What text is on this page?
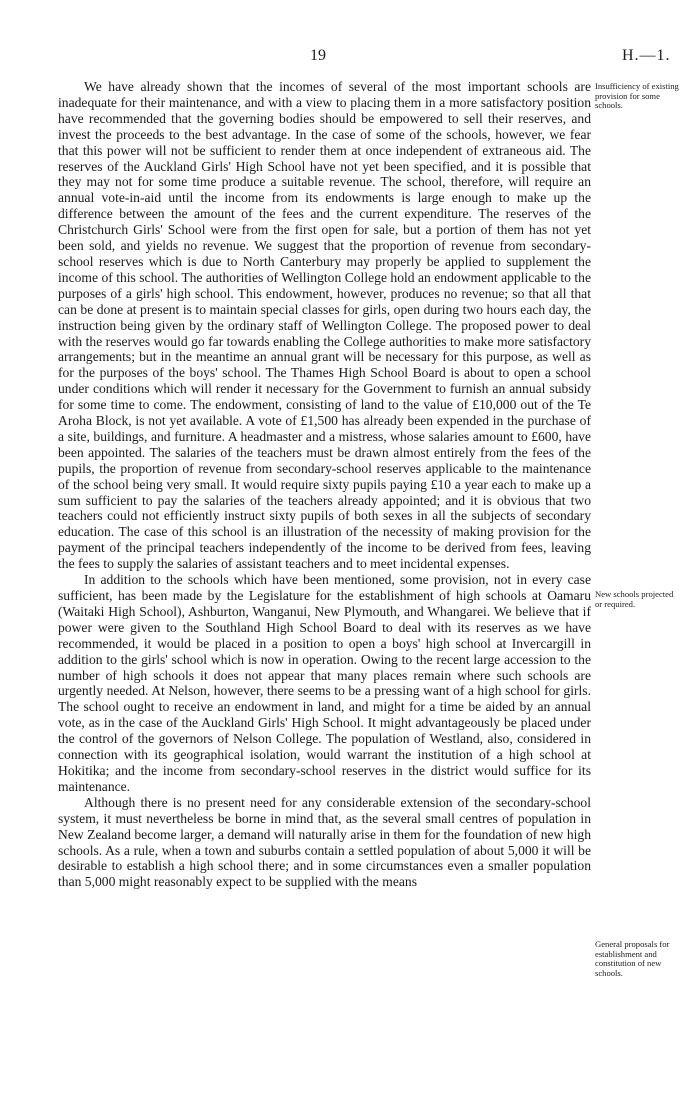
19	H.—1.

We have already shown that the incomes of several of the most important schools are inadequate for their maintenance, and with a view to placing them in a more satisfactory position have recommended that the governing bodies should be empowered to sell their reserves, and invest the proceeds to the best advantage. In the case of some of the schools, however, we fear that this power will not be sufficient to render them at once independent of extraneous aid. The reserves of the Auckland Girls' High School have not yet been specified, and it is possible that they may not for some time produce a suitable revenue. The school, therefore, will require an annual vote-in-aid until the income from its endowments is large enough to make up the difference between the amount of the fees and the current expenditure. The reserves of the Christchurch Girls' School were from the first open for sale, but a portion of them has not yet been sold, and yields no revenue. We suggest that the proportion of revenue from secondary-school reserves which is due to North Canterbury may properly be applied to supplement the income of this school. The authorities of Wellington College hold an endowment applicable to the purposes of a girls' high school. This endowment, however, produces no revenue; so that all that can be done at present is to maintain special classes for girls, open during two hours each day, the instruction being given by the ordinary staff of Wellington College. The proposed power to deal with the reserves would go far towards enabling the College authorities to make more satisfactory arrangements; but in the meantime an annual grant will be necessary for this purpose, as well as for the purposes of the boys' school. The Thames High School Board is about to open a school under conditions which will render it necessary for the Government to furnish an annual subsidy for some time to come. The endowment, consisting of land to the value of £10,000 out of the Te Aroha Block, is not yet available. A vote of £1,500 has already been expended in the purchase of a site, buildings, and furniture. A headmaster and a mistress, whose salaries amount to £600, have been appointed. The salaries of the teachers must be drawn almost entirely from the fees of the pupils, the proportion of revenue from secondary-school reserves applicable to the maintenance of the school being very small. It would require sixty pupils paying £10 a year each to make up a sum sufficient to pay the salaries of the teachers already appointed; and it is obvious that two teachers could not efficiently instruct sixty pupils of both sexes in all the subjects of secondary education. The case of this school is an illustration of the necessity of making provision for the payment of the principal teachers independently of the income to be derived from fees, leaving the fees to supply the salaries of assistant teachers and to meet incidental expenses.

In addition to the schools which have been mentioned, some provision, not in every case sufficient, has been made by the Legislature for the establishment of high schools at Oamaru (Waitaki High School), Ashburton, Wanganui, New Plymouth, and Whangarei. We believe that if power were given to the Southland High School Board to deal with its reserves as we have recommended, it would be placed in a position to open a boys' high school at Invercargill in addition to the girls' school which is now in operation. Owing to the recent large accession to the number of high schools it does not appear that many places remain where such schools are urgently needed. At Nelson, however, there seems to be a pressing want of a high school for girls. The school ought to receive an endowment in land, and might for a time be aided by an annual vote, as in the case of the Auckland Girls' High School. It might advantageously be placed under the control of the governors of Nelson College. The population of Westland, also, considered in connection with its geographical isolation, would warrant the institution of a high school at Hokitika; and the income from secondary-school reserves in the district would suffice for its maintenance.

Although there is no present need for any considerable extension of the secondary-school system, it must nevertheless be borne in mind that, as the several small centres of population in New Zealand become larger, a demand will naturally arise in them for the foundation of new high schools. As a rule, when a town and suburbs contain a settled population of about 5,000 it will be desirable to establish a high school there; and in some circumstances even a smaller population than 5,000 might reasonably expect to be supplied with the means

Insufficiency of existing provision for some schools.
New schools projected or required.
General proposals for establishment and constitution of new schools.
